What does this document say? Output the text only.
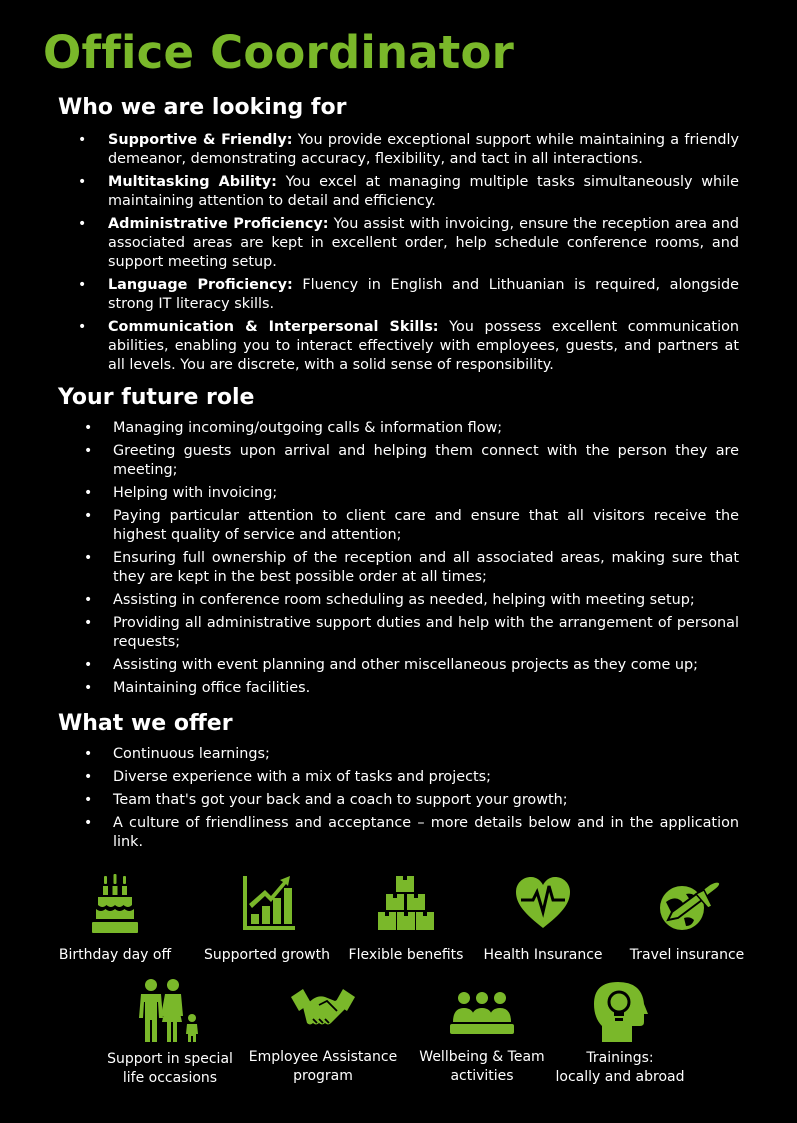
Office Coordinator
Who we are looking for
• Supportive & Friendly: You provide exceptional support while maintaining a friendly demeanor, demonstrating accuracy, flexibility, and tact in all interactions.
• Multitasking Ability: You excel at managing multiple tasks simultaneously while maintaining attention to detail and efficiency.
• Administrative Proficiency: You assist with invoicing, ensure the reception area and associated areas are kept in excellent order, help schedule conference rooms, and support meeting setup.
• Language Proficiency: Fluency in English and Lithuanian is required, alongside strong IT literacy skills.
• Communication & Interpersonal Skills: You possess excellent communication abilities, enabling you to interact effectively with employees, guests, and partners at all levels. You are discrete, with a solid sense of responsibility.
Your future role
• Managing incoming/outgoing calls & information flow;
• Greeting guests upon arrival and helping them connect with the person they are meeting;
• Helping with invoicing;
• Paying particular attention to client care and ensure that all visitors receive the highest quality of service and attention;
• Ensuring full ownership of the reception and all associated areas, making sure that they are kept in the best possible order at all times;
• Assisting in conference room scheduling as needed, helping with meeting setup;
• Providing all administrative support duties and help with the arrangement of personal requests;
• Assisting with event planning and other miscellaneous projects as they come up;
• Maintaining office facilities.
What we offer
• Continuous learnings;
• Diverse experience with a mix of tasks and projects;
• Team that's got your back and a coach to support your growth;
• A culture of friendliness and acceptance – more details below and in the application link.
Birthday day off Supported growth Flexible benefits	Health Insurance	Travel insurance
Support in special
life occasions
Employee Assistance
program
Wellbeing & Team
activities
Trainings:
locally and abroad
